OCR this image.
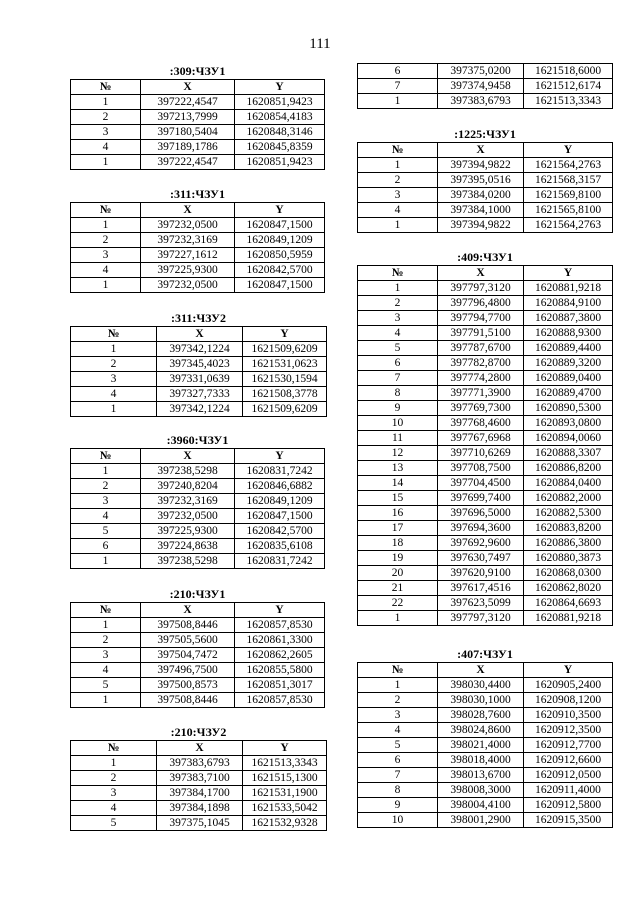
111
:309:ЧЗУ1
№	X	Y
1	397222,4547	1620851,9423
2	397213,7999	1620854,4183
3	397180,5404	1620848,3146
4	397189,1786	1620845,8359
1	397222,4547	1620851,9423
:311:ЧЗУ1
№	X	Y
1	397232,0500	1620847,1500
2	397232,3169	1620849,1209
3	397227,1612	1620850,5959
4	397225,9300	1620842,5700
1	397232,0500	1620847,1500
:311:ЧЗУ2
№	X	Y
1	397342,1224	1621509,6209
2	397345,4023	1621531,0623
3	397331,0639	1621530,1594
4	397327,7333	1621508,3778
1	397342,1224	1621509,6209
:3960:ЧЗУ1
№	X	Y
1	397238,5298	1620831,7242
2	397240,8204	1620846,6882
3	397232,3169	1620849,1209
4	397232,0500	1620847,1500
5	397225,9300	1620842,5700
6	397224,8638	1620835,6108
1	397238,5298	1620831,7242
:210:ЧЗУ1
№	X	Y
1	397508,8446	1620857,8530
2	397505,5600	1620861,3300
3	397504,7472	1620862,2605
4	397496,7500	1620855,5800
5	397500,8573	1620851,3017
1	397508,8446	1620857,8530
:210:ЧЗУ2
№	X	Y
1	397383,6793	1621513,3343
2	397383,7100	1621515,1300
3	397384,1700	1621531,1900
4	397384,1898	1621533,5042
5	397375,1045	1621532,9328
6	397375,0200	1621518,6000
7	397374,9458	1621512,6174
1	397383,6793	1621513,3343
:1225:ЧЗУ1
№	X	Y
1	397394,9822	1621564,2763
2	397395,0516	1621568,3157
3	397384,0200	1621569,8100
4	397384,1000	1621565,8100
1	397394,9822	1621564,2763
:409:ЧЗУ1
№	X	Y
1	397797,3120	1620881,9218
2	397796,4800	1620884,9100
3	397794,7700	1620887,3800
4	397791,5100	1620888,9300
5	397787,6700	1620889,4400
6	397782,8700	1620889,3200
7	397774,2800	1620889,0400
8	397771,3900	1620889,4700
9	397769,7300	1620890,5300
10	397768,4600	1620893,0800
11	397767,6968	1620894,0060
12	397710,6269	1620888,3307
13	397708,7500	1620886,8200
14	397704,4500	1620884,0400
15	397699,7400	1620882,2000
16	397696,5000	1620882,5300
17	397694,3600	1620883,8200
18	397692,9600	1620886,3800
19	397630,7497	1620880,3873
20	397620,9100	1620868,0300
21	397617,4516	1620862,8020
22	397623,5099	1620864,6693
1	397797,3120	1620881,9218
:407:ЧЗУ1
№	X	Y
1	398030,4400	1620905,2400
2	398030,1000	1620908,1200
3	398028,7600	1620910,3500
4	398024,8600	1620912,3500
5	398021,4000	1620912,7700
6	398018,4000	1620912,6600
7	398013,6700	1620912,0500
8	398008,3000	1620911,4000
9	398004,4100	1620912,5800
10	398001,2900	1620915,3500
